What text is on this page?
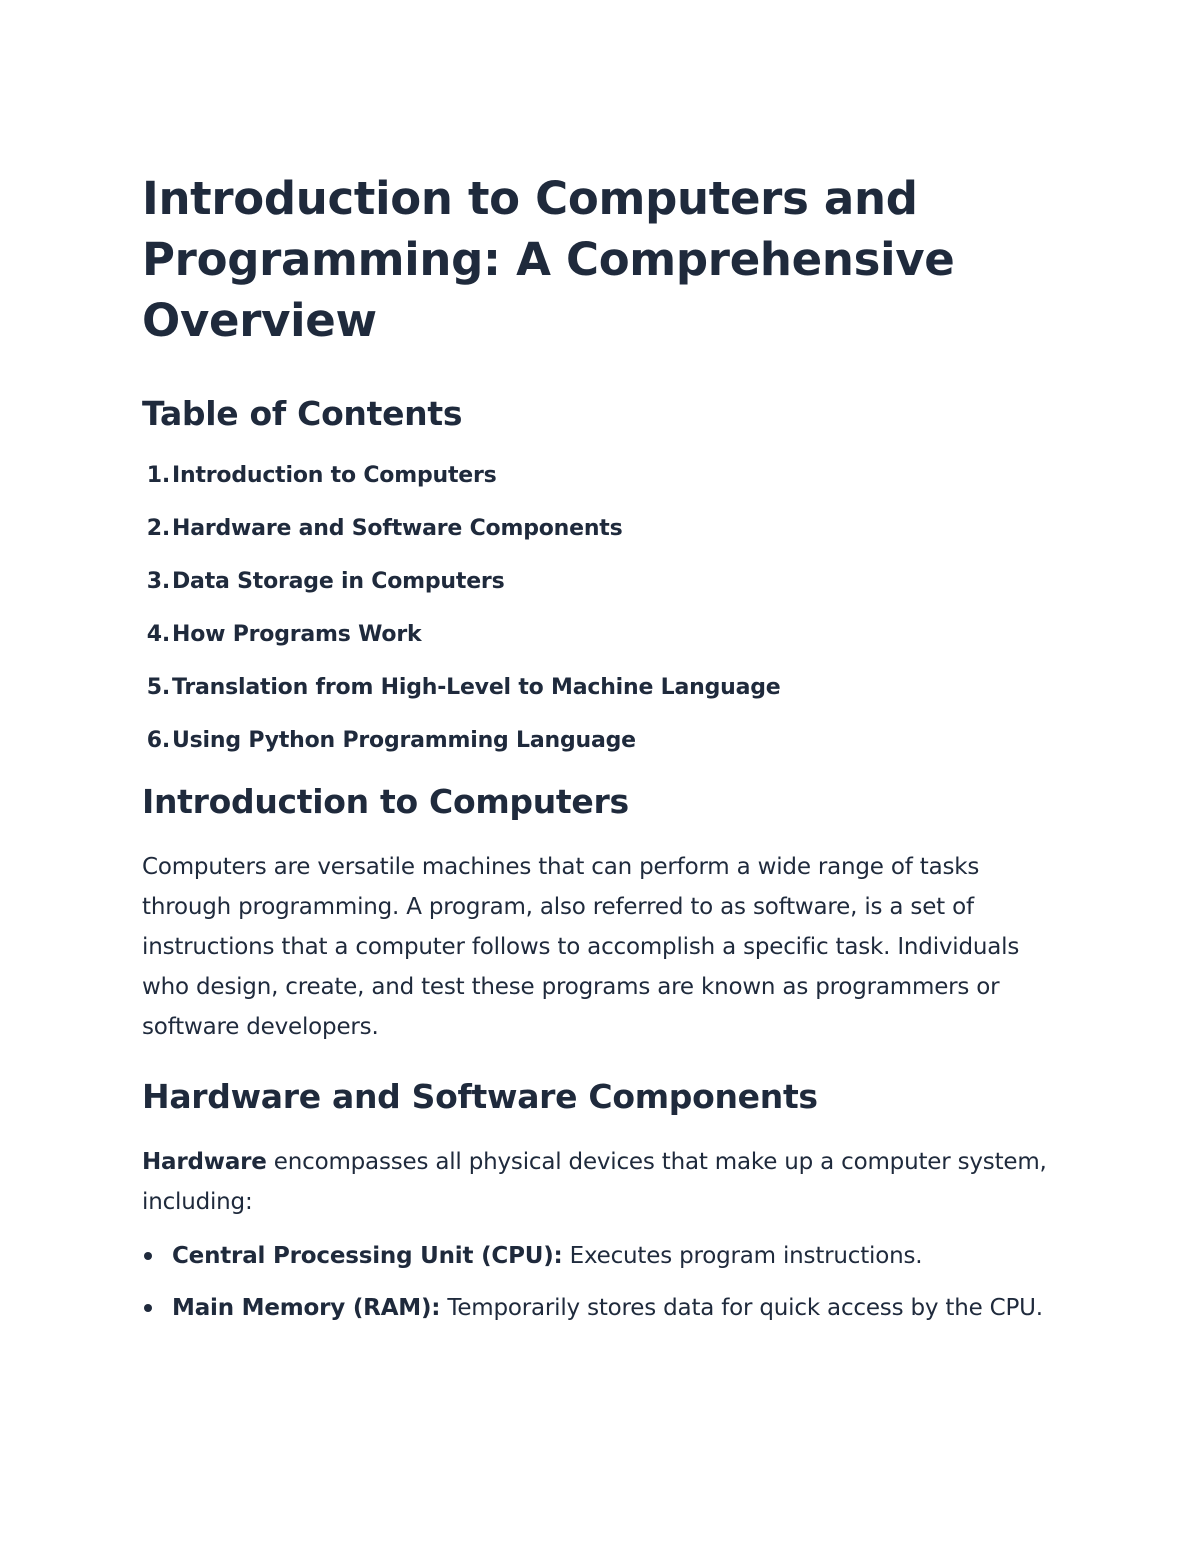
Introduction to Computers and Programming: A Comprehensive Overview
Table of Contents
1. Introduction to Computers
2. Hardware and Software Components
3. Data Storage in Computers
4. How Programs Work
5. Translation from High-Level to Machine Language
6. Using Python Programming Language
Introduction to Computers

Computers are versatile machines that can perform a wide range of tasks through programming. A program, also referred to as software, is a set of instructions that a computer follows to accomplish a specific task. Individuals who design, create, and test these programs are known as programmers or software developers.

Hardware and Software Components

Hardware encompasses all physical devices that make up a computer system, including:

Central Processing Unit (CPU): Executes program instructions.
Main Memory (RAM): Temporarily stores data for quick access by the CPU.
